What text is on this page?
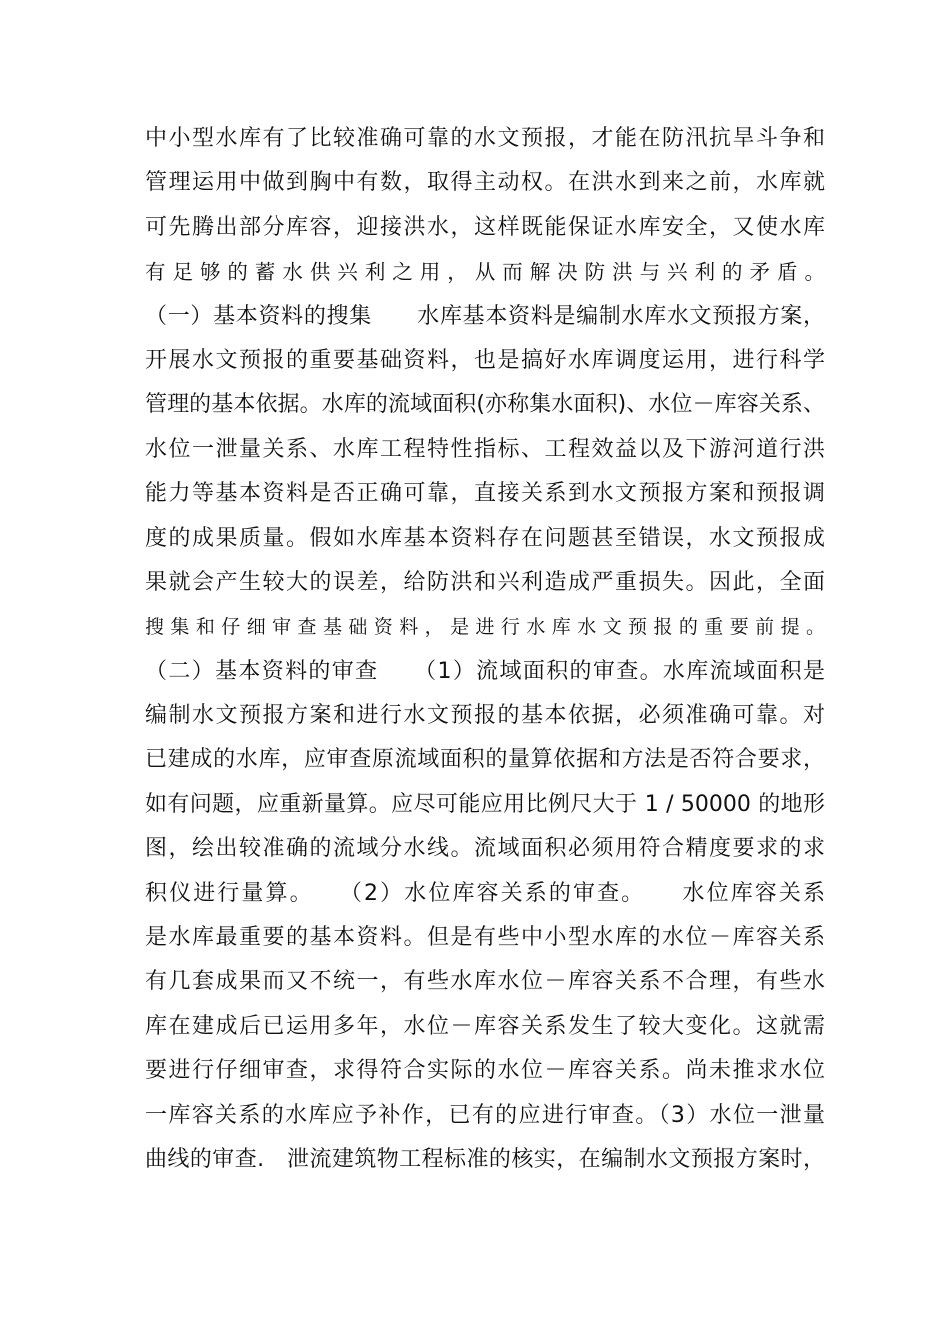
中小型水库有了比较准确可靠的水文预报，才能在防汛抗旱斗争和
管理运用中做到胸中有数，取得主动权。在洪水到来之前，水库就
可先腾出部分库容，迎接洪水，这样既能保证水库安全，又使水库
有 足 够 的 蓄 水 供 兴 利 之 用 ， 从 而 解 决 防 洪 与 兴 利 的 矛 盾 。
（一）基本资料的搜集　　水库基本资料是编制水库水文预报方案，
开展水文预报的重要基础资料，也是搞好水库调度运用，进行科学
管理的基本依据。水库的流域面积(亦称集水面积)、水位－库容关系、
水位一泄量关系、水库工程特性指标、工程效益以及下游河道行洪
能力等基本资料是否正确可靠，直接关系到水文预报方案和预报调
度的成果质量。假如水库基本资料存在问题甚至错误，水文预报成
果就会产生较大的误差，给防洪和兴利造成严重损失。因此，全面
搜 集 和 仔 细 审 查 基 础 资 料 ， 是 进 行 水 库 水 文 预 报 的 重 要 前 提 。
（二）基本资料的审查　　（1）流域面积的审查。水库流域面积是
编制水文预报方案和进行水文预报的基本依据，必须准确可靠。对
已建成的水库，应审查原流域面积的量算依据和方法是否符合要求，
如有问题，应重新量算。应尽可能应用比例尺大于 1 / 50000 的地形
图，绘出较准确的流域分水线。流域面积必须用符合精度要求的求
积仪进行量算。　　（2）水位库容关系的审查。　　水位库容关系
是水库最重要的基本资料。但是有些中小型水库的水位－库容关系
有几套成果而又不统一，有些水库水位－库容关系不合理，有些水
库在建成后已运用多年，水位－库容关系发生了较大变化。这就需
要进行仔细审查，求得符合实际的水位－库容关系。尚未推求水位
一库容关系的水库应予补作，已有的应进行审查。（3）水位一泄量
曲线的审查.　泄流建筑物工程标准的核实，在编制水文预报方案时，
